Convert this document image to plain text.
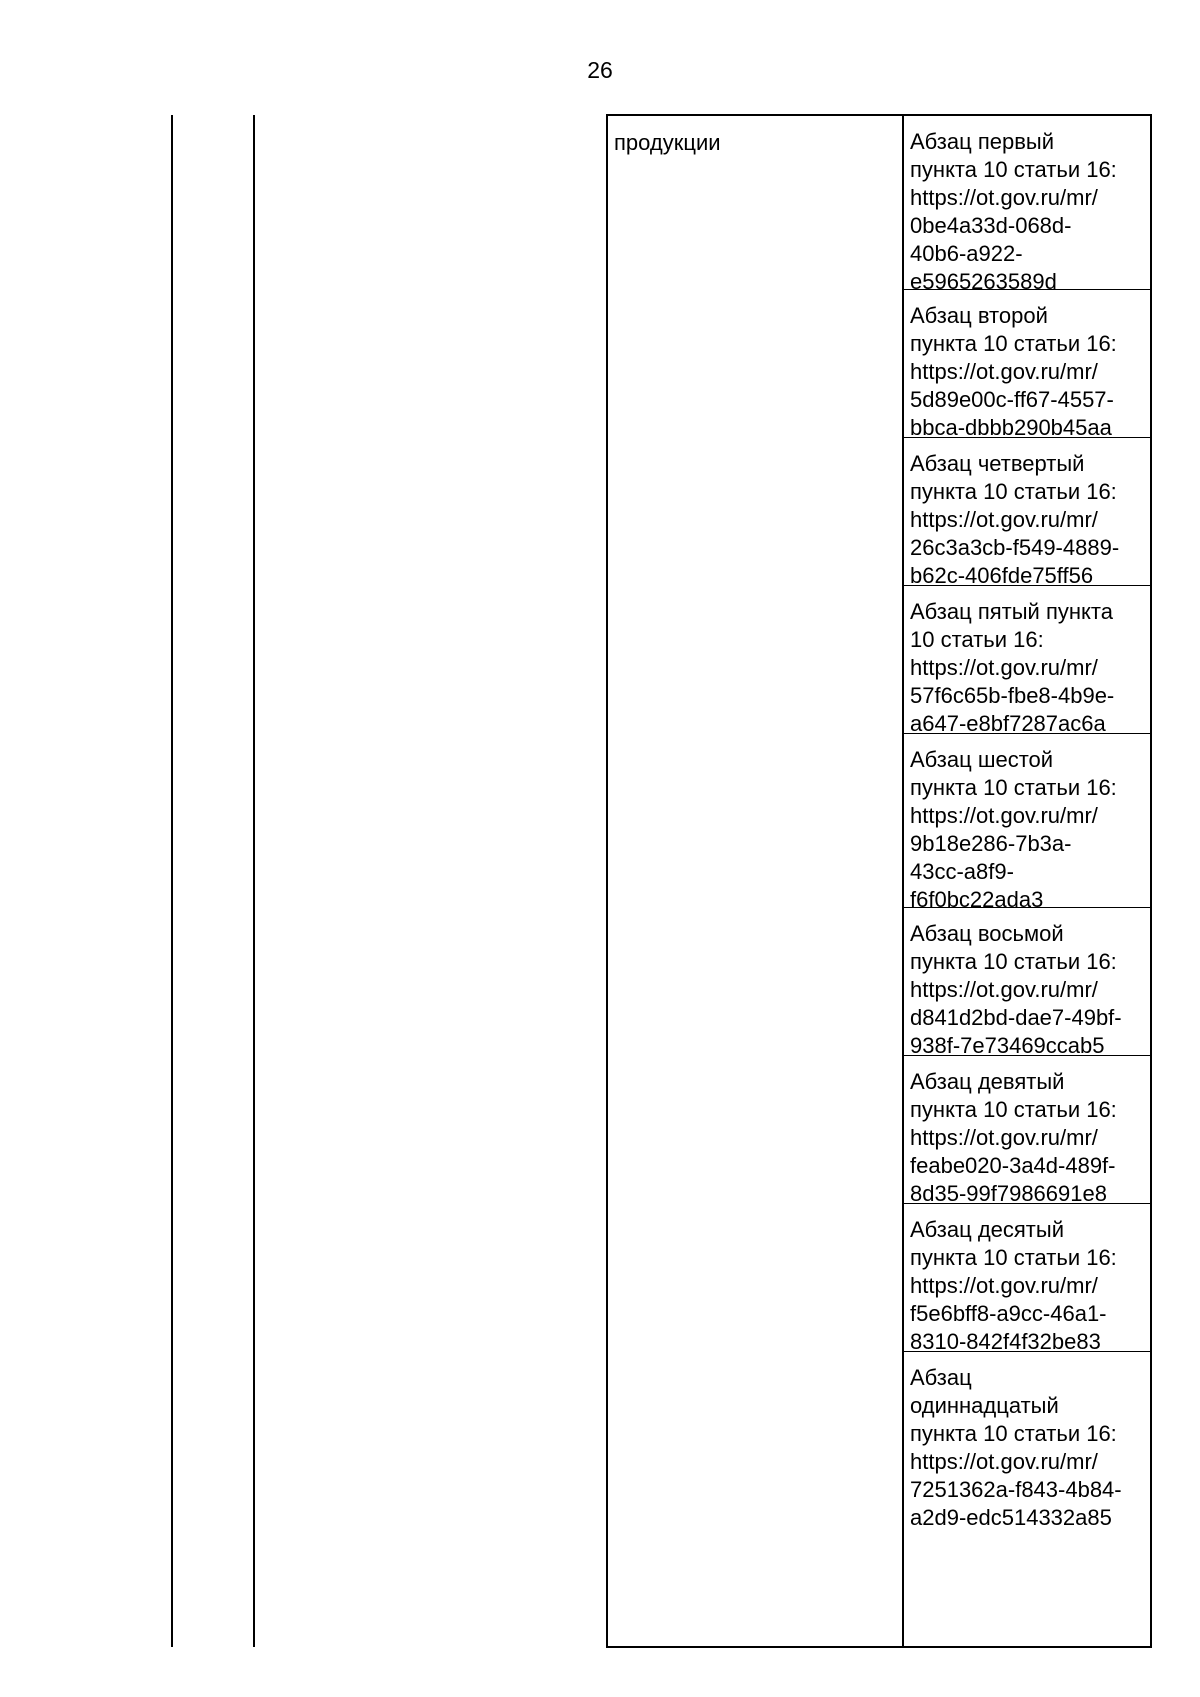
26
продукции	Абзац первый
пункта 10 статьи 16:
https://ot.gov.ru/mr/
0be4a33d-068d-
40b6-a922-
e5965263589d
Абзац второй
пункта 10 статьи 16:
https://ot.gov.ru/mr/
5d89e00c-ff67-4557-
bbca-dbbb290b45aa
Абзац четвертый
пункта 10 статьи 16:
https://ot.gov.ru/mr/
26c3a3cb-f549-4889-
b62c-406fde75ff56
Абзац пятый пункта
10 статьи 16:
https://ot.gov.ru/mr/
57f6c65b-fbe8-4b9e-
a647-e8bf7287ac6a
Абзац шестой
пункта 10 статьи 16:
https://ot.gov.ru/mr/
9b18e286-7b3a-
43cc-a8f9-
f6f0bc22ada3
Абзац восьмой
пункта 10 статьи 16:
https://ot.gov.ru/mr/
d841d2bd-dae7-49bf-
938f-7e73469ccab5
Абзац девятый
пункта 10 статьи 16:
https://ot.gov.ru/mr/
feabe020-3a4d-489f-
8d35-99f7986691e8
Абзац десятый
пункта 10 статьи 16:
https://ot.gov.ru/mr/
f5e6bff8-a9cc-46a1-
8310-842f4f32be83
Абзац
одиннадцатый
пункта 10 статьи 16:
https://ot.gov.ru/mr/
7251362a-f843-4b84-
a2d9-edc514332a85
